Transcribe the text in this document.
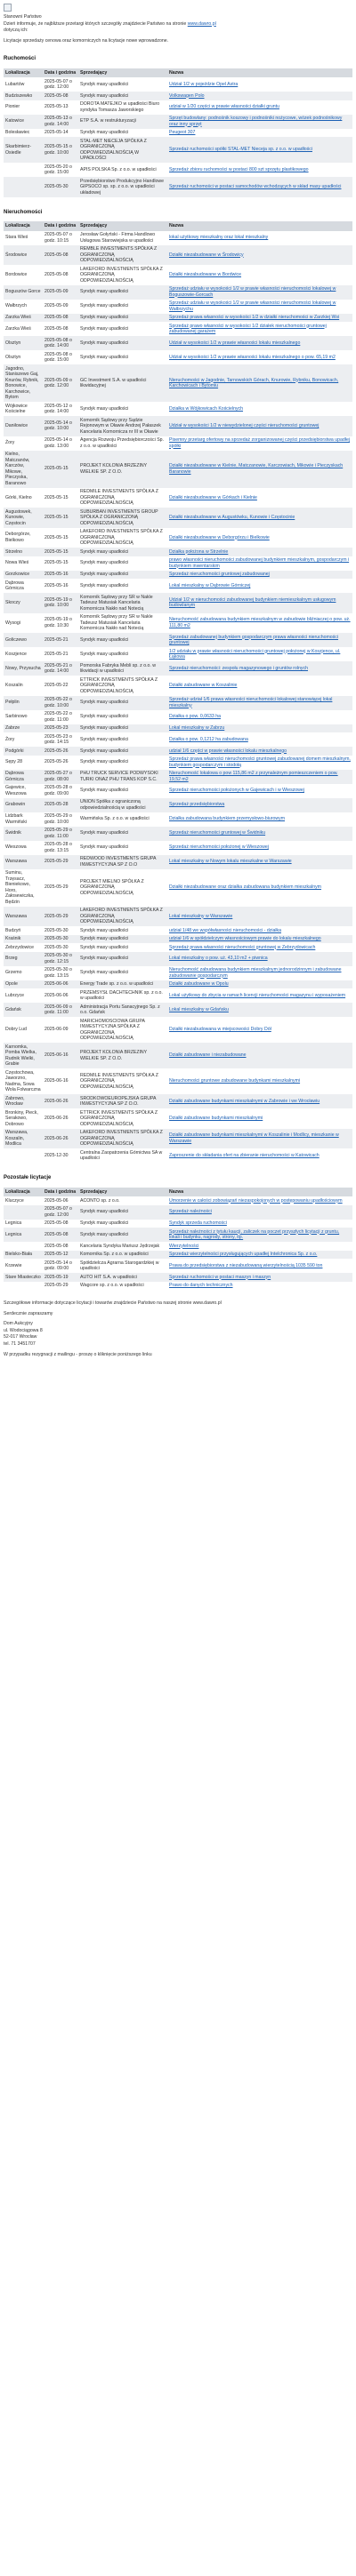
Stanowni Państwo

Dzień informuje, że najbliższe przetargi których szczegóły znajdziecie Państwo na stronie www.dawro.pl

dotyczą ich:

Licytacje sprzedaży cenowa oraz komorniczych na licytacje nowe wprowadzone.

Ruchomości
Lokalizacja	Data i godzina	Sprzedający	Nazwa
Lubartów	2025-05-07 o godz. 12:00	Syndyk masy upadłości	Udział 1/2 w pojeździe Opel Astra
Budziszewko	2025-05-08	Syndyk masy upadłości	Volkswagen Polo
Pionier	2025-05-13	DOROTA MATEJKO w upadłości Biuro syndyka Tomasza Jaworskiego	udział w 1/20 części w prawie własności działki gruntu
Katowice	2025-05-13 o godz. 14:00	ETP S.A. w restrukturyzacji	Sprzęt budowlany: podnośnik koszowy i podnośniki nożycowe, wózek podnośnikowy oraz inny sprzęt
Bolesławiec	2025-05-14	Syndyk masy upadłości	Peugeot 307
Skarbimierz-Osiedle	2025-05-15 o godz. 10:00	STAL-MET NIECEJA SPÓŁKA Z OGRANICZONĄ ODPOWIEDZIALNOŚCIĄ W UPADŁOŚCI	Sprzedaż ruchomości spółki STAL-MET Nieceja sp. z o.o. w upadłości
	2025-05-20 o godz. 15:00	APIS POLSKA Sp. z o.o. w upadłości	Sprzedaż zbioru ruchomości w postaci 800 szt sprzętu plastikowego
	2025-05-30	Przedsiębiorstwo Produkcyjno Handlowe GIPSOCO sp. sp. z o.o. w upadłości układowej	Sprzedaż ruchomości w postaci samochodów wchodzących w skład masy upadłości
Nieruchomości
Lokalizacja	Data i godzina	Sprzedający	Nazwa
Stara Wieś	2025-05-07 o godz. 10:15	Jerosław Gołyński - Firma Handlowo Usługowa Starowiejska w upadłości	lokal użytkowy mieszkalny oraz lokal mieszkalny
Środowice	2025-05-08	REMBLE INVESTMENTS SPÓŁKA Z OGRANICZONĄ ODPOWIEDZIALNOŚCIĄ	Działki niezabudowane w Środowicy
Bordowice	2025-05-08	LAKEFORD INVESTMENTS SPÓŁKA Z OGRANICZONĄ ODPOWIEDZIALNOŚCIĄ	Działki niezabudowane w Bordwice
Boguszów Gorce	2025-05-09	Syndyk masy upadłości	Sprzedaż udziału w wysokości 1/2 w prawie własności nieruchomości lokalowej w Boguszowie-Gorcach
Wałbrzych	2025-05-09	Syndyk masy upadłości	Sprzedaż udziału w wysokości 1/2 w prawie własności nieruchomości lokalowej w Wałbrzychu
Zarzka Wieś	2025-05-08	Syndyk masy upadłości	Sprzedaż prawa własności w wysokości 1/2 w działki nieruchomości w Zarzkiej Wsi
Zarzka Wieś	2025-05-08	Syndyk masy upadłości	Sprzedaż prawo własności w wysokości 1/2 działek nieruchomości gruntowej zabudowanej garażem
Olsztyn	2025-05-08 o godz. 14:00	Syndyk masy upadłości	Udział w wysokości 1/2 w prawie własności lokalu mieszkalnego
Olsztyn	2025-05-08 o godz. 15:00	Syndyk masy upadłości	Udział w wysokości 1/2 w prawie własności lokalu mieszkalnego o pow. 65,19 m2
Jagodno, Staniszewo Gaj, Knurów, Rybnik, Bonowice, Karchowice, Bytom	2025-05-09 o godz. 12:00	GC Investment S.A. w upadłości likwidacyjnej	Nieruchomości w Jagodnie, Tarnowskich Górach, Knurowie, Rybniku, Bonowicach, Karchowicach i Bytomiu
Wójkowice Kościelne	2025-05-12 o godz. 14:00	Syndyk masy upadłości	Działka w Wójkowicach Kościelnych
Daniłowice	2025-05-14 o godz. 10:00	Komornik Sądowy przy Sądzie Rejonowym w Oławie Andrzej Pałaszek Kancelaria Komornicza nr III w Oławie	Udział w wysokości 1/2 w niewydzielonej części nieruchomości gruntowej
Żory	2025-05-14 o godz. 13:00	Agencja Rozwoju Przedsiębiorczości Sp. z o.o. w upadłości	Pisemny przetarg ofertowy na sprzedaż zorganizowanej części przedsiębiorstwa upadłej spółki
Kielno, Matczanów, Karczów, Mikowe, Pieczyska, Baranowo	2025-05-15	PROJEKT KOLONIA BRZEZINY WIELKIE SP. Z O.O.	Działki niezabudowane w Kielnie, Matczanowie, Karczowiach, Mikowie i Pieczyskach Baranowie
Górki, Kielno	2025-05-15	REDMILE INVESTMENTS SPÓŁKA Z OGRANICZONĄ ODPOWIEDZIALNOŚCIĄ	Działki niezabudowane w Górkach i Kielnie
Augustowek, Kunowie, Częstocin	2025-05-15	SUBURBAN INVESTMENTS GROUP SPÓŁKA Z OGRANICZONĄ ODPOWIEDZIALNOŚCIĄ	Działki niezabudowane w Augustówku, Kunowie i Częstocinie
Deborgórze, Bielkowo	2025-05-15	LAKEFORD INVESTMENTS SPÓŁKA Z OGRANICZONĄ ODPOWIEDZIALNOŚCIĄ	Działki niezabudowane w Deborgórzu i Bielkowie
Strzelno	2025-05-15	Syndyk masy upadłości	Działka położona w Strzelnie
Nowa Wieś	2025-05-15	Syndyk masy upadłości	prawo własności nieruchomości zabudowanej budynkiem mieszkalnym, gospodarczym i budynkiem inwentarskim
Gorzkowice	2025-05-16	Syndyk masy upadłości	Sprzedaż nieruchomości gruntowej zabudowanej
Dąbrowa Górnicza	2025-05-16	Syndyk masy upadłości	Lokal mieszkalny w Dąbrowie Górniczej
Skoczy	2025-05-19 o godz. 10:00	Komornik Sądowy przy SR w Nakle Tadeusz Matusiak Kancelaria Komornicza Nakło nad Notecią	Udział 1/2 w nieruchomości zabudowanej budynkiem niemieszkalnym usługowym budowlanym
Wysogi	2025-05-19 o godz. 10:30	Komornik Sądowy przy SR w Nakle Tadeusz Matusiak Kancelaria Komornicza Nakło nad Notecią	Nieruchomość zabudowana budynkiem mieszkalnym w zabudowie bliźniaczej o pow. uż. 111,80 m2
Goliczewo	2025-05-21	Syndyk masy upadłości	Sprzedaż zabudowanej budynkiem gospodarczym prawa własności nieruchomości gruntowej
Koszjence	2025-05-21	Syndyk masy upadłości	1/2 udziału w prawie własności nieruchomości gruntowej położonej w Koszjence, ul. Łąkowa
Nowy, Przysucha	2025-05-21 o godz. 14:00	Pomorska Fabryka Mebli sp. z o.o. w likwidacji w upadłości	Sprzedaż nieruchomości: zespołu magazynowego i gruntów rolnych
Koszalin	2025-05-22	ETTRICK INVESTMENTS SPÓŁKA Z OGRANICZONĄ ODPOWIEDZIALNOŚCIĄ	Działki zabudowane w Koszalinie
Pełplin	2025-05-22 o godz. 10:00	Syndyk masy upadłości	Sprzedaż udział 1/6 prawa własności nieruchomości lokalowej stanowiącej lokal mieszkalny
Sarbinowo	2025-05-22 o godz. 11:00	Syndyk masy upadłości	Działka o pow. 0,0633 ha
Zabrze	2025-05-23	Syndyk masy upadłości	Lokal mieszkalny w Zabrzu
Żory	2025-05-23 o godz. 14:15	Syndyk masy upadłości	Działka o pow. 0,1212 ha zabudowana
Podgórki	2025-05-26	Syndyk masy upadłości	udział 1/6 części w prawie własności lokalu mieszkalnego
Sępy 28	2025-05-26	Syndyk masy upadłości	Sprzedaż prawa własności nieruchomości gruntowej zabudowanej domem mieszkalnym, budynkiem gospodarczym i stodołą
Dąbrowa Górnicza	2025-05-27 o godz. 08:00	PHU TRUCK SERVICE PODWYSOKI TURKI ONAZ PHU TRANS KOP S.C.	Nieruchomość lokalowa o pow 115,86 m2 z przynależnym pomieszczeniem o pow. 19,52 m2
Gajewice, Wieszowa	2025-05-28 o godz. 09:00	Syndyk masy upadłości	Sprzedaż nieruchomości położonych w Gajewicach i w Wieszowej
Grabowin	2025-05-28	UNION Spółka z ograniczoną odpowiedzialnością w upadłości	Sprzedaż przedsiębiorstwa
Lidzbark Warmiński	2025-05-29 o godz. 10:00	Warmińska Sp. z o.o. w upadłości	Działka zabudowana budynkiem przemysłowo-biurowym
Świdnik	2025-05-29 o godz. 11:00	Syndyk masy upadłości	Sprzedaż nieruchomości gruntowej w Świdniku
Wieszowa	2025-05-28 o godz. 13:15	Syndyk masy upadłości	Sprzedaż nieruchomości położonej w Wieszowej
Warszawa	2025-05-29	REDWOOD INVESTMENTS GRUPA INWESTYCYJNA SP Z O.O	Lokal mieszkalny w Nowym lokalu mieszkalne w Warszawie
Suminu, Trzęsacz, Bieniekowo, Horo, Załosewiczka, Będzin	2025-05-29	PROJEKT MIELNO SPÓŁKA Z OGRANICZONĄ ODPOWIEDZIALNOŚCIĄ	Działki niezabudowane oraz działka zabudowana budynkiem mieszkalnym
Warszawa	2025-05-29	LAKEFORD INVESTMENTS SPÓŁKA Z OGRANICZONĄ ODPOWIEDZIALNOŚCIĄ	Lokal mieszkalny w Warszawie
Budzyń	2025-05-30	Syndyk masy upadłości	udział 1/48 we współwłasności nieruchomości - działka
Kraśnik	2025-05-30	Syndyk masy upadłości	udział 1/6 w spółdzielczym własnościowym prawie do lokalu mieszkalnego
Zebrzydowice	2025-05-30	Syndyk masy upadłości	Sprzedaż prawa własności nieruchomości gruntowej w Zebrzydowicach
Brzeg	2025-05-30 o godz. 12:15	Syndyk masy upadłości	Lokal mieszkalny o pow. uż. 43,10 m2 + piwnica
Grzemo	2025-05-30 o godz. 13:15	Syndyk masy upadłości	Nieruchomość zabudowana budynkiem mieszkalnym jednorodzinnym i zabudowane zabudowanie gospodarczym
Opole	2025-06-06	Energy Trade sp. z o.o. w upadłości	Działki zabudowane w Opolu
Lubrzyce	2025-06-06	PRZEMSYSŁ DACHTECHNIK sp. z o.o. w upadłości	Lokal użytkowy do zbycia w ramach licencji nieruchomości magazynu i wyposażeniem
Gdańsk	2025-06-09 o godz. 11:00	Administracja Portu Sanacyjnego Sp. z o.o. Gdańsk	Lokal mieszkalny w Gdańsku
Dobry Lud	2025-06-09	MARICHOMOSCIOWA GRUPA INWESTYCYJNA SPÓŁKA Z OGRANICZONĄ ODPOWIEDZIALNOŚCIĄ	Działki niezabudowana w miejscowości Dobry Dół
Karnomka, Pomba Wielka, Rudnik Wielki, Grabie	2025-06-16	PROJEKT KOLONIA BRZEZINY WIELKIE SP. Z O.O.	Działki zabudowane i niezabudowane
Częstochowa, Jaworzno, Nadma, Sowa Wola Folwarczna	2025-06-16	REDMILE INVESTMENTS SPÓŁKA Z OGRANICZONĄ ODPOWIEDZIALNOŚCIĄ	Nieruchomości gruntowe zabudowane budynkami mieszkalnymi
Zabrowo, Wrocław	2025-06-26	SRODKOWOEUROPEJSKA GRUPA INWESTYCYJNA SP Z O.O.	Działki zabudowane budynkami mieszkalnymi w Zabrowie i we Wrocławiu
Bronkiny, Pieck, Serakowo, Dobrowo	2025-06-26	ETTRICK INVESTMENTS SPÓŁKA Z OGRANICZONĄ ODPOWIEDZIALNOŚCIĄ	Działki zabudowane budynkami mieszkalnymi
Warszawa, Koszalin, Modlica	2025-06-26	LAKEFORD INVESTMENTS SPÓŁKA Z OGRANICZONĄ ODPOWIEDZIALNOŚCIĄ	Działki zabudowane budynkami mieszkalnymi w Koszalinie i Modlicy, mieszkanie w Warszawie
	2025-12-30	Centralna Zaopatrzenia Górnictwa SA w upadłości	Zaproszenie do składania ofert na zbieranie nieruchomości w Katowicach
Pozostałe licytacje
Lokalizacja	Data i godzina	Sprzedający	Nazwa
Kluczyce	2025-05-06	ACONTO sp. z o.o.	Umorzenie w całości zobowiązań niezaspokojonych w postępowaniu upadłościowym
	2025-05-07 o godz. 12:00	Syndyk masy upadłości	Sprzedaż należności
Legnica	2025-05-08	Syndyk masy upadłości	Syndyk sprzeda ruchomości
Legnica	2025-05-08	Syndyk masy upadłości	Sprzedaż należności z tytułu kaucji, zaliczek na poczet przyszłych licytacji z gruntu, lokali i budynku, nagrody, strony, itp.
	2025-05-08	Kancelaria Syndyka Mariusz Jędrzejak	Wierzytelności
Bielsko-Biała	2025-05-12	Komornika Sp. z o.o. w upadłości	Sprzedaż wierzytelności przysługujących upadłej Intelchronica Sp. z o.o.
Krzewie	2025-05-14 o godz. 09:00	Spółdzielcza Agrarna Starogardzkiej w upadłości	Prawa do przedsiębiorstwa z niezabudowaną wierzytelnością 1035 590 ton
Stare Miasteczko	2025-05-19	AUTO HIT S.A. w upadłości	Sprzedaż ruchomości w postaci maszyn i maszyn
	2025-05-29	Wagcore sp. z o.o. w upadłości	Prawo do danych technicznych

Szczegółowe informacje dotyczące licytacji i towarów znajdziecie Państwo na naszej stronie www.dawro.pl

Serdecznie zapraszamy

Dom Aukcyjny

ul. Wodociągowa 8

52-017 Wrocław

tel. 71 3451707

W przypadku rezygnacji z mailingu - proszę o kliknięcie poniższego linku
